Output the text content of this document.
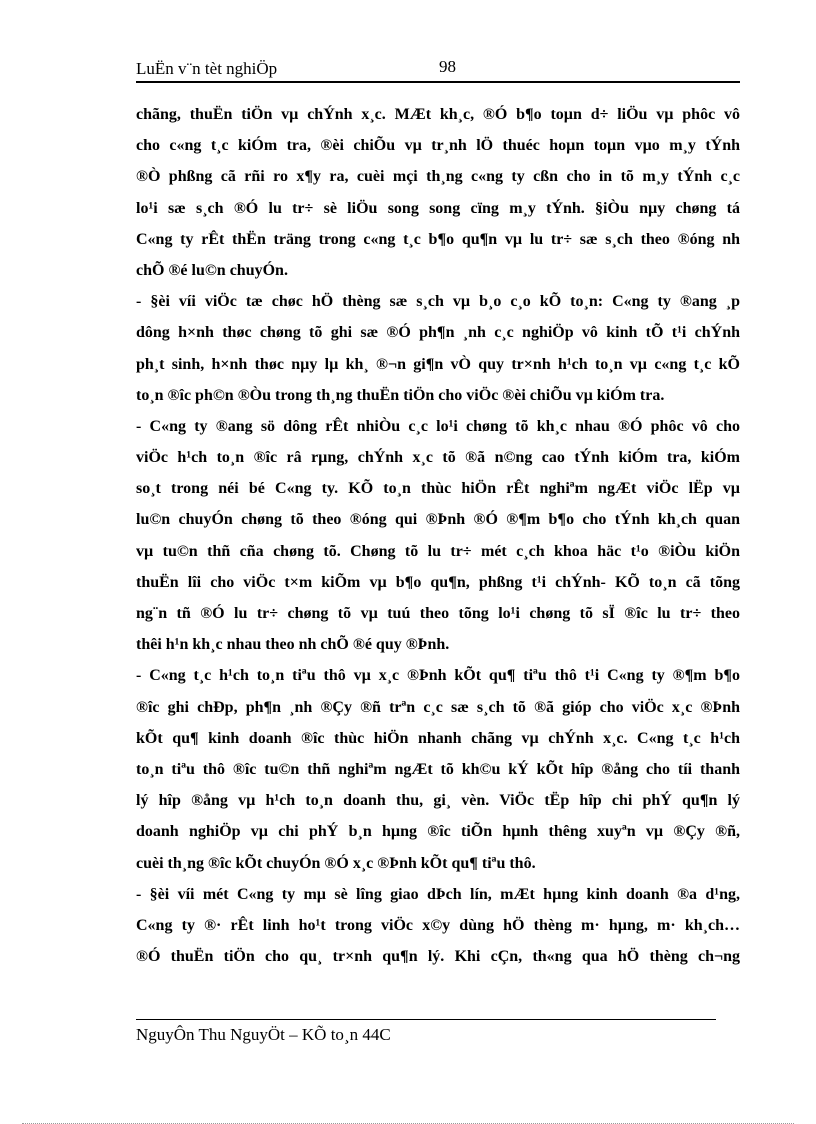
LuËn v¨n tèt nghiÖp	98
chãng, thuËn tiÖn vµ chÝnh x¸c. MÆt kh¸c, ®Ó b¶o toµn d÷ liÖu vµ phôc vô
cho c«ng t¸c kiÓm tra, ®èi chiÕu vµ tr¸nh lÖ thuéc hoµn toµn vµo m¸y tÝnh
®Ò phßng cã rñi ro x¶y ra, cuèi mçi th¸ng c«ng ty cßn cho in tõ m¸y tÝnh c¸c
lo¹i sæ s¸ch ®Ó lu tr÷ sè liÖu song song cïng m¸y tÝnh. §iÒu nµy chøng tá
C«ng ty rÊt thËn träng trong c«ng t¸c b¶o qu¶n vµ lu tr÷ sæ s¸ch theo ®óng nh
chÕ ®é lu©n chuyÓn.
- §èi víi viÖc tæ chøc hÖ thèng sæ s¸ch vµ b¸o c¸o kÕ to¸n: C«ng ty ®ang ¸p
dông h×nh thøc chøng tõ ghi sæ ®Ó ph¶n ¸nh c¸c nghiÖp vô kinh tÕ t¹i chÝnh
ph¸t sinh, h×nh thøc nµy lµ kh¸ ®¬n gi¶n vÒ quy tr×nh h¹ch to¸n vµ c«ng t¸c kÕ
to¸n ®îc ph©n ®Òu trong th¸ng thuËn tiÖn cho viÖc ®èi chiÕu vµ kiÓm tra.
- C«ng ty ®ang sö dông rÊt nhiÒu c¸c lo¹i chøng tõ kh¸c nhau ®Ó phôc vô cho
viÖc h¹ch to¸n ®îc râ rµng, chÝnh x¸c tõ ®ã n©ng cao tÝnh kiÓm tra, kiÓm
so¸t trong néi bé C«ng ty. KÕ to¸n thùc hiÖn rÊt nghiªm ngÆt viÖc lËp vµ
lu©n chuyÓn chøng tõ theo ®óng qui ®Þnh ®Ó ®¶m b¶o cho tÝnh kh¸ch quan
vµ tu©n thñ cña chøng tõ. Chøng tõ lu tr÷ mét c¸ch khoa häc t¹o ®iÒu kiÖn
thuËn lîi cho viÖc t×m kiÕm vµ b¶o qu¶n, phßng t¹i chÝnh- KÕ to¸n cã tõng
ng¨n tñ ®Ó lu tr÷ chøng tõ vµ tuú theo tõng lo¹i chøng tõ sÏ ®îc lu tr÷ theo
thêi h¹n kh¸c nhau theo nh chÕ ®é quy ®Þnh.
- C«ng t¸c h¹ch to¸n tiªu thô vµ x¸c ®Þnh kÕt qu¶ tiªu thô t¹i C«ng ty ®¶m b¶o
®îc ghi chÐp, ph¶n ¸nh ®Çy ®ñ trªn c¸c sæ s¸ch tõ ®ã gióp cho viÖc x¸c ®Þnh
kÕt qu¶ kinh doanh ®îc thùc hiÖn nhanh chãng vµ chÝnh x¸c. C«ng t¸c h¹ch
to¸n tiªu thô ®îc tu©n thñ nghiªm ngÆt tõ kh©u kÝ kÕt hîp ®ång cho tíi thanh
lý hîp ®ång vµ h¹ch to¸n doanh thu, gi¸ vèn. ViÖc tËp hîp chi phÝ qu¶n lý
doanh nghiÖp vµ chi phÝ b¸n hµng ®îc tiÕn hµnh thêng xuyªn vµ ®Çy ®ñ,
cuèi th¸ng ®îc kÕt chuyÓn ®Ó x¸c ®Þnh kÕt qu¶ tiªu thô.
- §èi víi mét C«ng ty mµ sè lîng giao dÞch lín, mÆt hµng kinh doanh ®a d¹ng,
C«ng ty ®· rÊt linh ho¹t trong viÖc x©y dùng hÖ thèng m· hµng, m· kh¸ch…
®Ó thuËn tiÖn cho qu¸ tr×nh qu¶n lý. Khi cÇn, th«ng qua hÖ thèng ch¬ng
NguyÔn Thu NguyÖt – KÕ to¸n 44C
